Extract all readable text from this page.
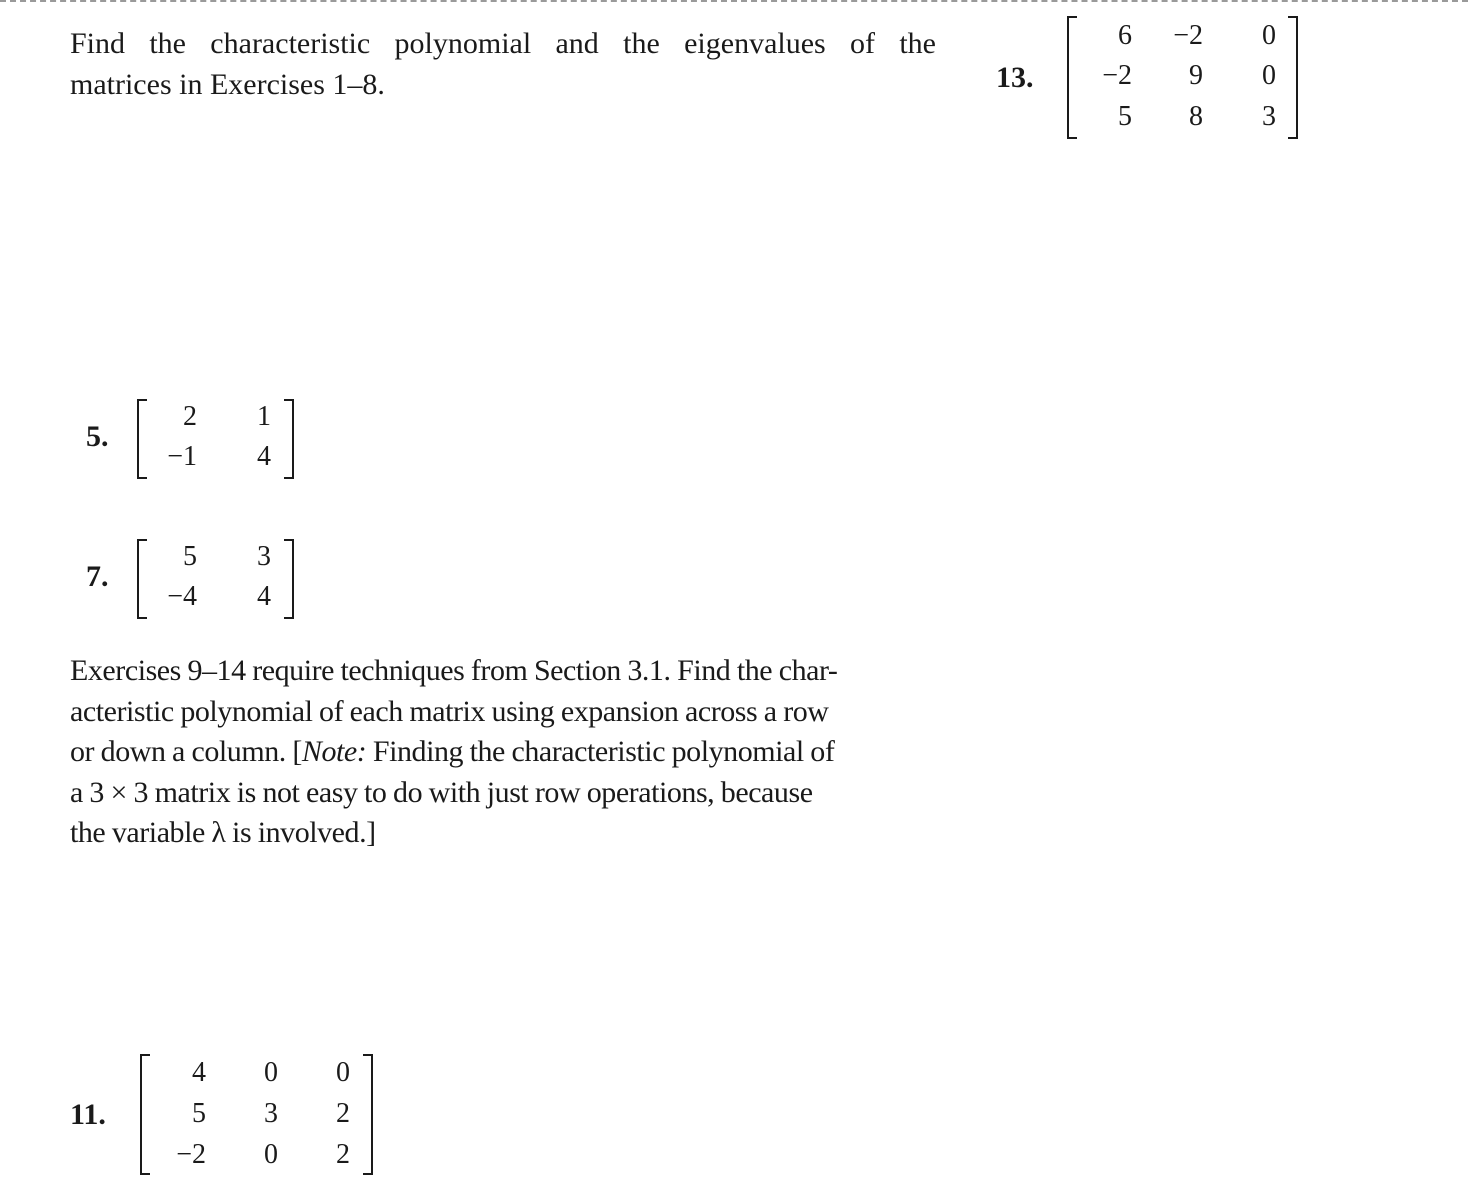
Find the characteristic polynomial and the eigenvalues of the
matrices in Exercises 1–8.

5.
2	1
−1	4
7.
5	3
−4	4

Exercises 9–14 require techniques from Section 3.1. Find the char-
acteristic polynomial of each matrix using expansion across a row
or down a column. [Note: Finding the characteristic polynomial of
a 3 × 3 matrix is not easy to do with just row operations, because
the variable λ is involved.]

11.
4	0	0
5	3	2
−2	0	2
13.
6	−2	0
−2	9	0
5	8	3
